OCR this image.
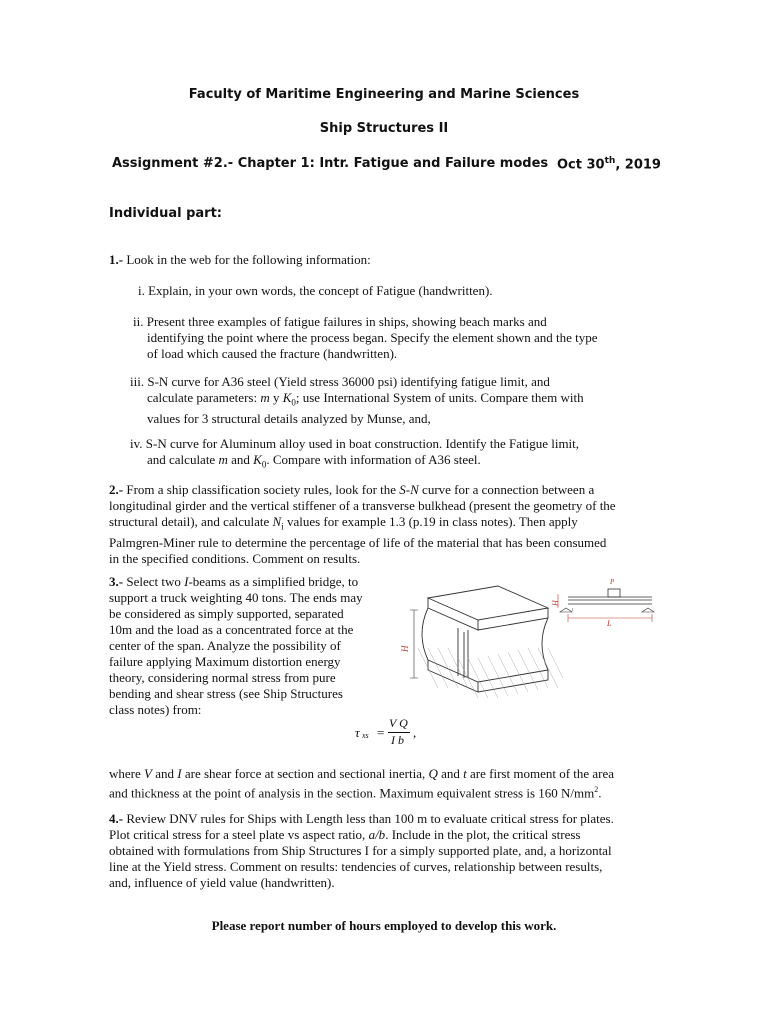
Faculty of Maritime Engineering and Marine Sciences
Ship Structures II
Assignment #2.- Chapter 1: Intr. Fatigue and Failure modes Oct 30th, 2019
Individual part:
1.- Look in the web for the following information:
i. Explain, in your own words, the concept of Fatigue (handwritten).
ii. Present three examples of fatigue failures in ships, showing beach marks and
identifying the point where the process began. Specify the element shown and the type
of load which caused the fracture (handwritten).
iii. S-N curve for A36 steel (Yield stress 36000 psi) identifying fatigue limit, and
calculate parameters: m y $K_0$; use International System of units. Compare them with
values for 3 structural details analyzed by Munse, and,
iv. S-N curve for Aluminum alloy used in boat construction. Identify the Fatigue limit,
and calculate m and $K_0$. Compare with information of A36 steel.
2.- From a ship classification society rules, look for the S-N curve for a connection between a
longitudinal girder and the vertical stiffener of a transverse bulkhead (present the geometry of the
structural detail), and calculate $N_i$ values for example 1.3 (p.19 in class notes). Then apply
Palmgren-Miner rule to determine the percentage of life of the material that has been consumed
in the specified conditions. Comment on results.
3.- Select two I-beams as a simplified bridge, to
support a truck weighting 40 tons. The ends may
be considered as simply supported, separated
10m and the load as a concentrated force at the
center of the span. Analyze the possibility of
failure applying Maximum distortion energy
theory, considering normal stress from pure
bending and shear stress (see Ship Structures
class notes) from:
H
H
L
P
t
τ xs =
V Q
I b ,
where V and I are shear force at section and sectional inertia, Q and t are first moment of the area
and thickness at the point of analysis in the section. Maximum equivalent stress is 160 $N/mm^2$.
4.- Review DNV rules for Ships with Length less than 100 m to evaluate critical stress for plates.
Plot critical stress for a steel plate vs aspect ratio, a/b. Include in the plot, the critical stress
obtained with formulations from Ship Structures I for a simply supported plate, and, a horizontal
line at the Yield stress. Comment on results: tendencies of curves, relationship between results,
and, influence of yield value (handwritten).
Please report number of hours employed to develop this work.
